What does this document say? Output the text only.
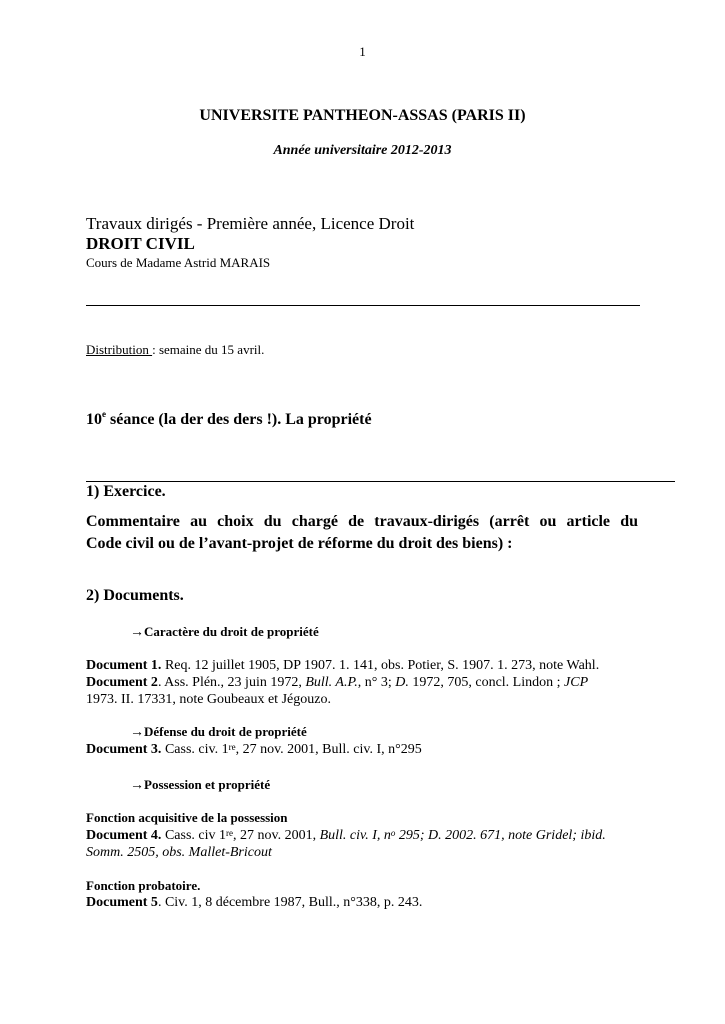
1
UNIVERSITE PANTHEON-ASSAS (PARIS II)
Année universitaire 2012-2013
Travaux dirigés - Première année, Licence Droit
DROIT CIVIL
Cours de Madame Astrid MARAIS
Distribution : semaine du 15 avril.
10e séance (la der des ders !). La propriété
1) Exercice.
Commentaire au choix du chargé de travaux-dirigés (arrêt ou article du
Code civil ou de l’avant-projet de réforme du droit des biens) :
2) Documents.
→Caractère du droit de propriété
Document 1. Req. 12 juillet 1905, DP 1907. 1. 141, obs. Potier, S. 1907. 1. 273, note Wahl.
Document 2. Ass. Plén., 23 juin 1972, Bull. A.P., n° 3; D. 1972, 705, concl. Lindon ; JCP
1973. II. 17331, note Goubeaux et Jégouzo.
→Défense du droit de propriété
Document 3. Cass. civ. 1re, 27 nov. 2001, Bull. civ. I, n°295
→Possession et propriété
Fonction acquisitive de la possession
Document 4. Cass. civ 1re, 27 nov. 2001, Bull. civ. I, $n^o$ 295; D. 2002. 671, note Gridel; ibid.
Somm. 2505, obs. Mallet-Bricout
Fonction probatoire.
Document 5. Civ. 1, 8 décembre 1987, Bull., n°338, p. 243.
